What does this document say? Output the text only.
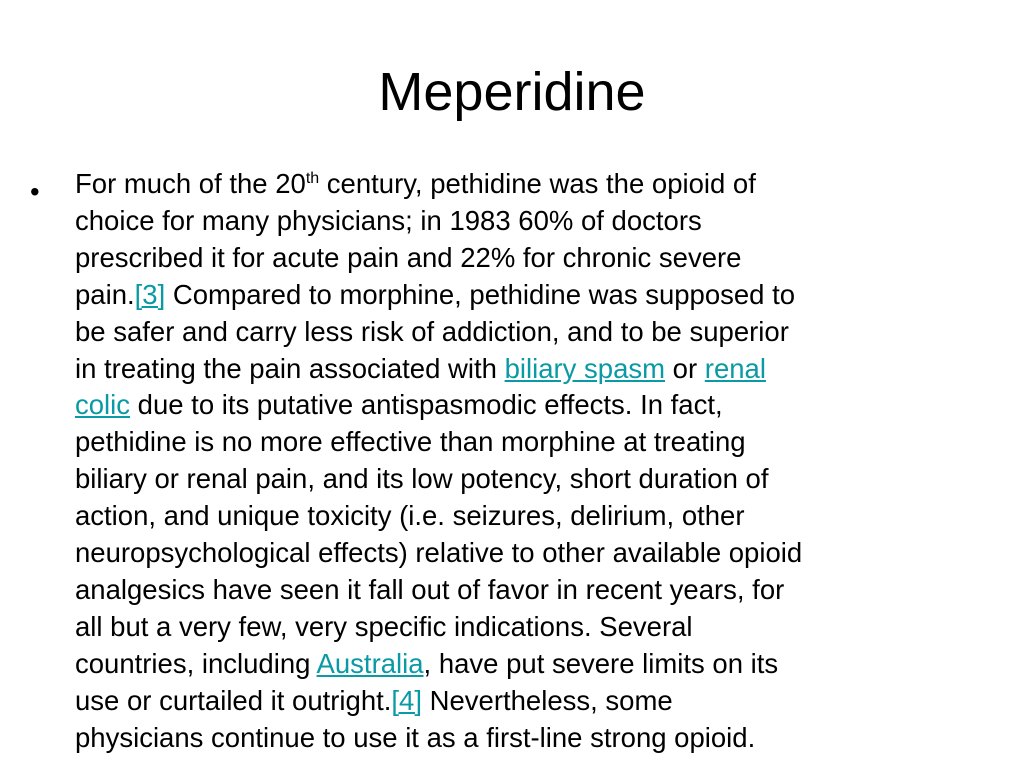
Meperidine
• For much of the 20th century, pethidine was the opioid of
choice for many physicians; in 1983 60% of doctors
prescribed it for acute pain and 22% for chronic severe
pain.[3] Compared to morphine, pethidine was supposed to
be safer and carry less risk of addiction, and to be superior
in treating the pain associated with biliary spasm or renal
colic due to its putative antispasmodic effects. In fact,
pethidine is no more effective than morphine at treating
biliary or renal pain, and its low potency, short duration of
action, and unique toxicity (i.e. seizures, delirium, other
neuropsychological effects) relative to other available opioid
analgesics have seen it fall out of favor in recent years, for
all but a very few, very specific indications. Several
countries, including Australia, have put severe limits on its
use or curtailed it outright.[4] Nevertheless, some
physicians continue to use it as a first-line strong opioid.
